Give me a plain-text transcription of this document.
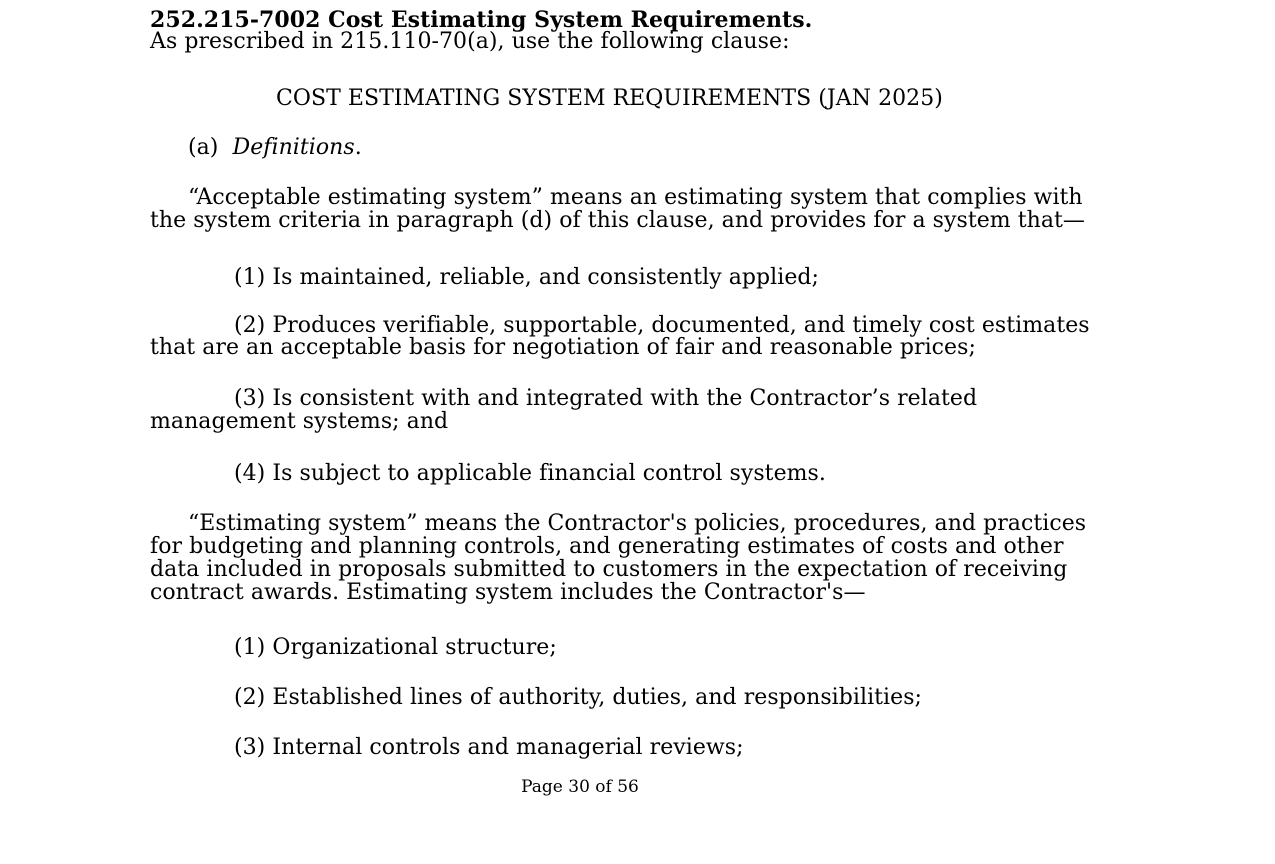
252.215-7002 Cost Estimating System Requirements.
As prescribed in 215.110-70(a), use the following clause:
COST ESTIMATING SYSTEM REQUIREMENTS (JAN 2025)
(a) Definitions.
“Acceptable estimating system” means an estimating system that complies with
the system criteria in paragraph (d) of this clause, and provides for a system that—
(1) Is maintained, reliable, and consistently applied;
(2) Produces verifiable, supportable, documented, and timely cost estimates
that are an acceptable basis for negotiation of fair and reasonable prices;
(3) Is consistent with and integrated with the Contractor’s related
management systems; and
(4) Is subject to applicable financial control systems.
“Estimating system” means the Contractor's policies, procedures, and practices
for budgeting and planning controls, and generating estimates of costs and other
data included in proposals submitted to customers in the expectation of receiving
contract awards. Estimating system includes the Contractor's—
(1) Organizational structure;
(2) Established lines of authority, duties, and responsibilities;
(3) Internal controls and managerial reviews;
Page 30 of 56
